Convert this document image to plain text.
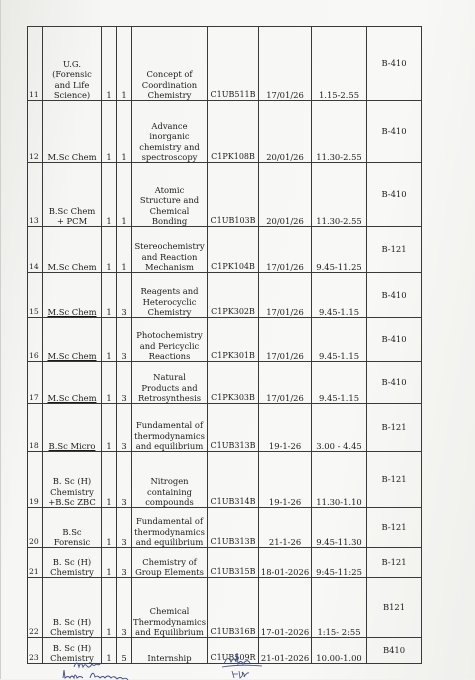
11	U.G. (Forensic and Life Science)	1	1	Concept of Coordination Chemistry	C1UB511B	17/01/26	1.15-2.55	B-410
12	M.Sc Chem	1	1	Advance inorganic chemistry and spectroscopy	C1PK108B	20/01/26	11.30-2.55	B-410
13	B.Sc Chem + PCM	1	1	Atomic Structure and Chemical Bonding	C1UB103B	20/01/26	11.30-2.55	B-410
14	M.Sc Chem	1	1	Stereochemistry and Reaction Mechanism	C1PK104B	17/01/26	9.45-11.25	B-121
15	M.Sc Chem	1	3	Reagents and Heterocyclic Chemistry	C1PK302B	17/01/26	9.45-1.15	B-410
16	M.Sc Chem	1	3	Photochemistry and Pericyclic Reactions	C1PK301B	17/01/26	9.45-1.15	B-410
17	M.Sc Chem	1	3	Natural Products and Retrosynthesis	C1PK303B	17/01/26	9.45-1.15	B-410
18	B.Sc Micro	1	3	Fundamental of thermodynamics and equilibrium	C1UB313B	19-1-26	3.00 - 4.45	B-121
19	B. Sc (H) Chemistry +B.Sc ZBC	1	3	Nitrogen containing compounds	C1UB314B	19-1-26	11.30-1.10	B-121
20	B.Sc Forensic	1	3	Fundamental of thermodynamics and equilibrium	C1UB313B	21-1-26	9.45-11.30	B-121
21	B. Sc (H) Chemistry	1	3	Chemistry of Group Elements	C1UB315B	18-01-2026	9:45-11:25	B-121
22	B. Sc (H) Chemistry	1	3	Chemical Thermodynamics and Equilibrium	C1UB316B	17-01-2026	1:15- 2:55	B121
23	B. Sc (H) Chemistry	1	5	Internship	C1UB509R	21-01-2026	10.00-1.00	B410
